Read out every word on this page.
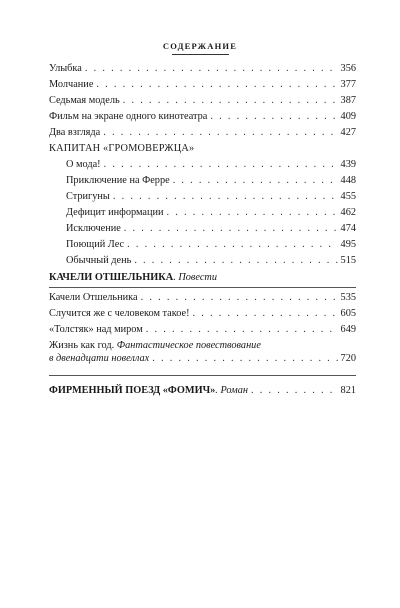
СОДЕРЖАНИЕ
Улыбка . . .	356
Молчание . . .	377
Седьмая модель . . .	387
Фильм на экране одного кинотеатра . . .	409
Два взгляда . . .	427
КАПИТАН «ГРОМОВЕРЖЦА»
О мода! . . .	439
Приключение на Ферре . . .	448
Стригуны . . .	455
Дефицит информации . . .	462
Исключение . . .	474
Поющий Лес . . .	495
Обычный день . . .	515
КАЧЕЛИ ОТШЕЛЬНИКА. Повести
Качели Отшельника . . .	535
Случится же с человеком такое! . . .	605
«Толстяк» над миром . . .	649
Жизнь как год. Фантастическое повествование
в двенадцати новеллах . . .	720
ФИРМЕННЫЙ ПОЕЗД «ФОМИЧ». Роман . . .	821
